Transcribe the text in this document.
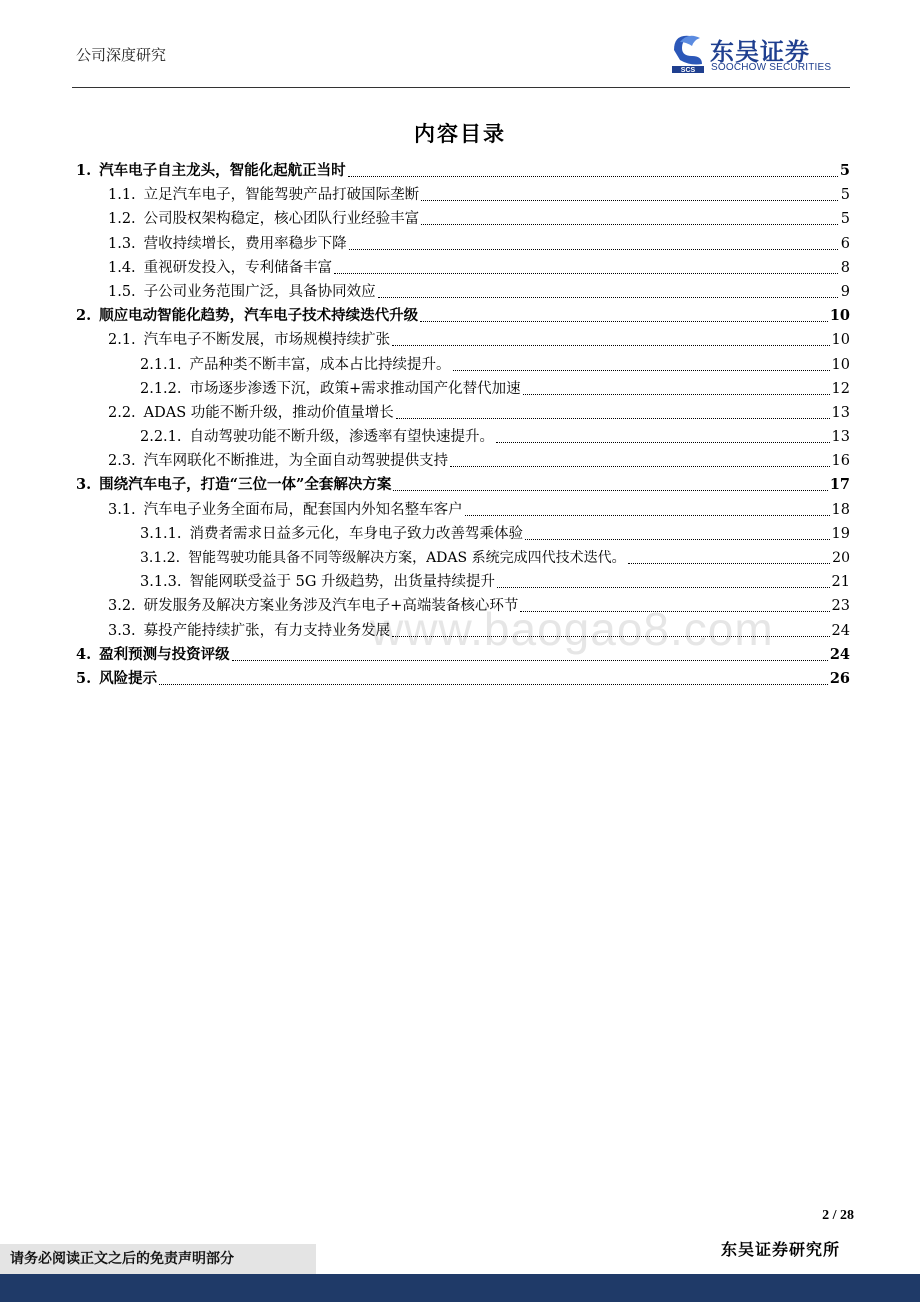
公司深度研究
SCS
东吴证券
SOOCHOW SECURITIES
www.baogao8.com
内容目录
1. 汽车电子自主龙头，智能化起航正当时	5
1.1. 立足汽车电子，智能驾驶产品打破国际垄断	5
1.2. 公司股权架构稳定，核心团队行业经验丰富	5
1.3. 营收持续增长，费用率稳步下降	6
1.4. 重视研发投入，专利储备丰富	8
1.5. 子公司业务范围广泛，具备协同效应	9
2. 顺应电动智能化趋势，汽车电子技术持续迭代升级	10
2.1. 汽车电子不断发展，市场规模持续扩张	10
2.1.1. 产品种类不断丰富，成本占比持续提升。	10
2.1.2. 市场逐步渗透下沉，政策+需求推动国产化替代加速	12
2.2. ADAS 功能不断升级，推动价值量增长	13
2.2.1. 自动驾驶功能不断升级，渗透率有望快速提升。	13
2.3. 汽车网联化不断推进，为全面自动驾驶提供支持	16
3. 围绕汽车电子，打造“三位一体”全套解决方案	17
3.1. 汽车电子业务全面布局，配套国内外知名整车客户	18
3.1.1. 消费者需求日益多元化，车身电子致力改善驾乘体验	19
3.1.2. 智能驾驶功能具备不同等级解决方案，ADAS 系统完成四代技术迭代。	20
3.1.3. 智能网联受益于 5G 升级趋势，出货量持续提升	21
3.2. 研发服务及解决方案业务涉及汽车电子+高端装备核心环节	23
3.3. 募投产能持续扩张，有力支持业务发展	24
4. 盈利预测与投资评级	24
5. 风险提示	26
2 / 28
请务必阅读正文之后的免责声明部分	东吴证券研究所
